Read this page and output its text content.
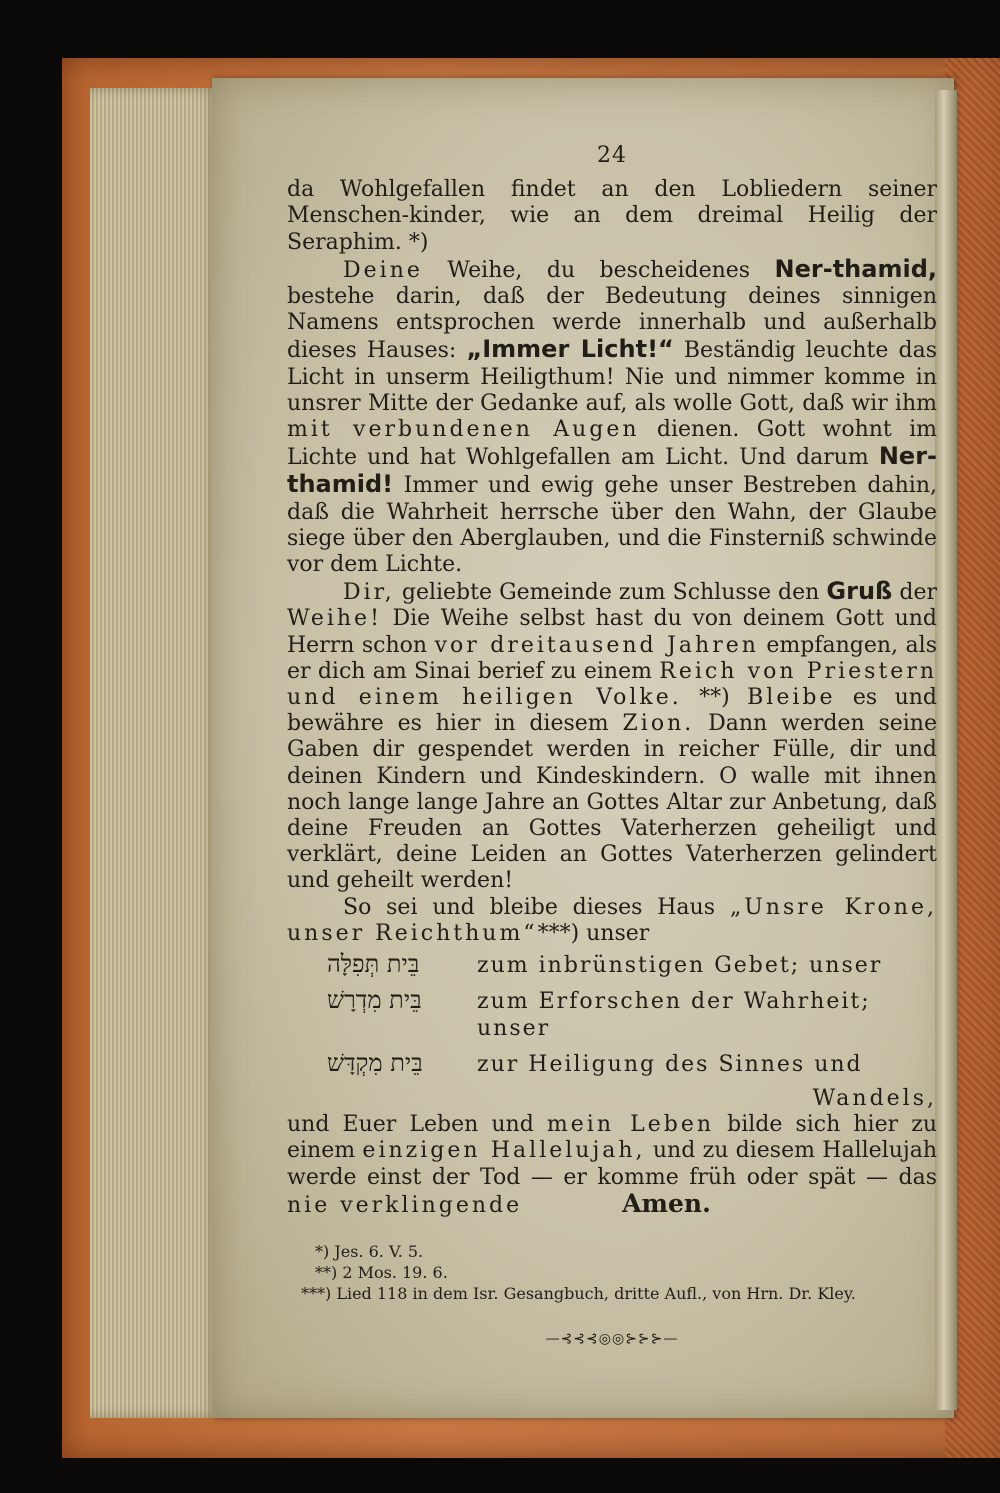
24

da Wohlgefallen findet an den Lobliedern seiner Menschen-kinder, wie an dem dreimal Heilig der Seraphim. *)

Deine Weihe, du bescheidenes Ner-thamid, bestehe darin, daß der Bedeutung deines sinnigen Namens entsprochen werde innerhalb und außerhalb dieses Hauses: „Immer Licht!“ Beständig leuchte das Licht in unserm Heiligthum! Nie und nimmer komme in unsrer Mitte der Gedanke auf, als wolle Gott, daß wir ihm mit verbundenen Augen dienen. Gott wohnt im Lichte und hat Wohlgefallen am Licht. Und darum Ner-thamid! Immer und ewig gehe unser Bestreben dahin, daß die Wahrheit herrsche über den Wahn, der Glaube siege über den Aberglauben, und die Finsterniß schwinde vor dem Lichte.

Dir, geliebte Gemeinde zum Schlusse den Gruß der Weihe! Die Weihe selbst hast du von deinem Gott und Herrn schon vor dreitausend Jahren empfangen, als er dich am Sinai berief zu einem Reich von Priestern und einem heiligen Volke. **) Bleibe es und bewähre es hier in diesem Zion. Dann werden seine Gaben dir gespendet werden in reicher Fülle, dir und deinen Kindern und Kindeskindern. O walle mit ihnen noch lange lange Jahre an Gottes Altar zur Anbetung, daß deine Freuden an Gottes Vaterherzen geheiligt und verklärt, deine Leiden an Gottes Vaterherzen gelindert und geheilt werden!

So sei und bleibe dieses Haus „Unsre Krone, unser Reichthum“***) unser

בֵּית תְּפִלָּה	zum inbrünstigen Gebet; unser
בֵּית מִדְרָשׁ	zum Erforschen der Wahrheit; unser
בֵּית מִקְדָּשׁ	zur Heiligung des Sinnes und
Wandels,

und Euer Leben und mein Leben bilde sich hier zu einem einzigen Hallelujah, und zu diesem Hallelujah werde einst der Tod — er komme früh oder spät — das nie verklingende	Amen.

*) Jes. 6. V. 5.
**) 2 Mos. 19. 6.
***) Lied 118 in dem Isr. Gesangbuch, dritte Aufl., von Hrn. Dr. Kley.
—⊰⊰⊰◎◎⊱⊱⊱—
